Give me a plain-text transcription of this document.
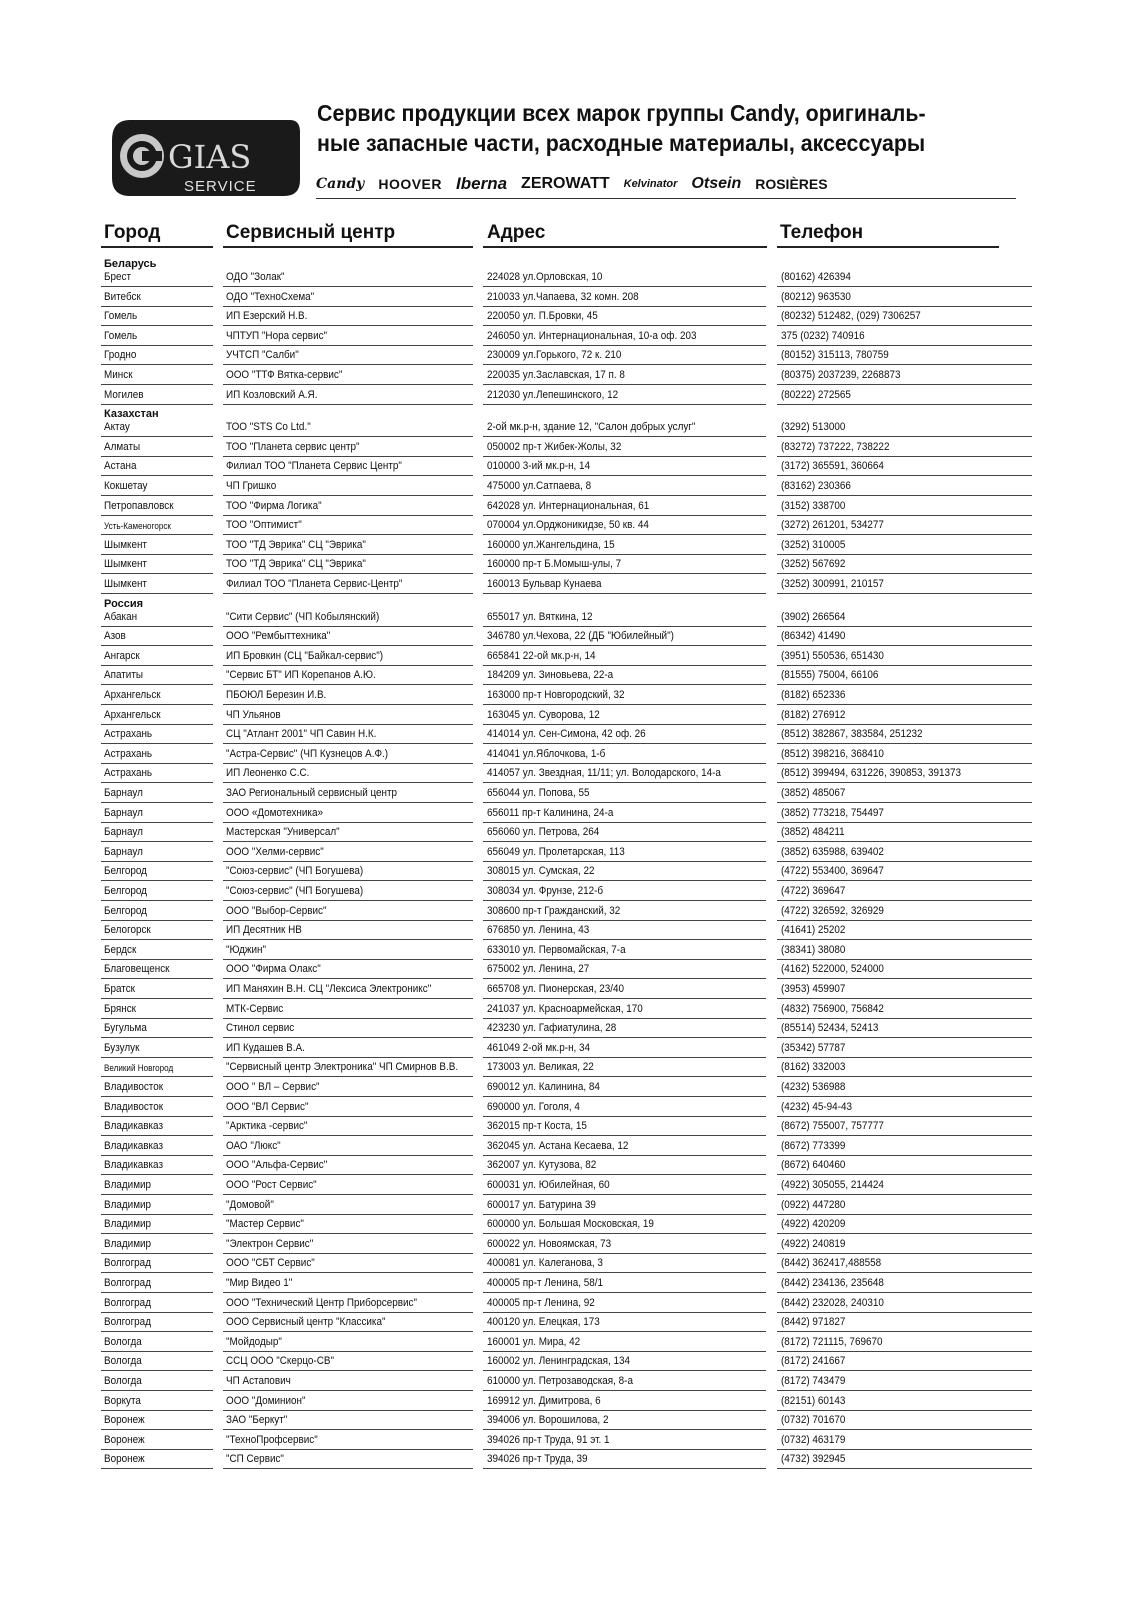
GIAS
SERVICE
Сервис продукции всех марок группы Candy, оригиналь-
ные запасные части, расходные материалы, аксессуары
Candy HOOVER Iberna ZEROWATT Kelvinator Otsein ROSIÈRES
Город	Сервисный центр	Адрес	Телефон
Беларусь
Брест	ОДО "Золак"	224028 ул.Орловская, 10	(80162) 426394
Витебск	ОДО "ТехноСхема"	210033 ул.Чапаева, 32 комн. 208	(80212) 963530
Гомель	ИП Езерский Н.В.	220050 ул. П.Бровки, 45	(80232) 512482, (029) 7306257
Гомель	ЧПТУП "Нора сервис"	246050 ул. Интернациональная, 10-а оф. 203	375 (0232) 740916
Гродно	УЧТСП "Салби"	230009 ул.Горького, 72 к. 210	(80152) 315113, 780759
Минск	ООО "ТТФ Вятка-сервис"	220035 ул.Заславская, 17 п. 8	(80375) 2037239, 2268873
Могилев	ИП Козловский А.Я.	212030 ул.Лепешинского, 12	(80222) 272565
Казахстан
Актау	ТОО "STS Co Ltd."	2-ой мк.р-н, здание 12, "Салон добрых услуг"	(3292) 513000
Алматы	ТОО "Планета сервис центр"	050002 пр-т Жибек-Жолы, 32	(83272) 737222, 738222
Астана	Филиал ТОО "Планета Сервис Центр"	010000 3-ий мк.р-н, 14	(3172) 365591, 360664
Кокшетау	ЧП Гришко	475000 ул.Сатпаева, 8	(83162) 230366
Петропавловск	ТОО "Фирма Логика"	642028 ул. Интернациональная, 61	(3152) 338700
Усть-Каменогорск	ТОО "Оптимист"	070004 ул.Орджоникидзе, 50 кв. 44	(3272) 261201, 534277
Шымкент	ТОО "ТД Эврика" СЦ "Эврика"	160000 ул.Жангельдина, 15	(3252) 310005
Шымкент	ТОО "ТД Эврика" СЦ "Эврика"	160000 пр-т Б.Момыш-улы, 7	(3252) 567692
Шымкент	Филиал ТОО "Планета Сервис-Центр"	160013 Бульвар Кунаева	(3252) 300991, 210157
Россия
Абакан	"Сити Сервис" (ЧП Кобылянский)	655017 ул. Вяткина, 12	(3902) 266564
Азов	ООО "Рембыттехника"	346780 ул.Чехова, 22 (ДБ "Юбилейный")	(86342) 41490
Ангарск	ИП Бровкин (СЦ "Байкал-сервис")	665841 22-ой мк.р-н, 14	(3951) 550536, 651430
Апатиты	"Сервис БТ" ИП Корепанов А.Ю.	184209 ул. Зиновьева, 22-а	(81555) 75004, 66106
Архангельск	ПБОЮЛ Березин И.В.	163000 пр-т Новгородский, 32	(8182) 652336
Архангельск	ЧП Ульянов	163045 ул. Суворова, 12	(8182) 276912
Астрахань	СЦ "Атлант 2001" ЧП Савин Н.К.	414014 ул. Сен-Симона, 42 оф. 26	(8512) 382867, 383584, 251232
Астрахань	"Астра-Сервис" (ЧП Кузнецов А.Ф.)	414041 ул.Яблочкова, 1-б	(8512) 398216, 368410
Астрахань	ИП Леоненко С.С.	414057 ул. Звездная, 11/11; ул. Володарского, 14-а	(8512) 399494, 631226, 390853, 391373
Барнаул	ЗАО Региональный сервисный центр	656044 ул. Попова, 55	(3852) 485067
Барнаул	ООО «Домотехника»	656011 пр-т Калинина, 24-а	(3852) 773218, 754497
Барнаул	Мастерская "Универсал"	656060 ул. Петрова, 264	(3852) 484211
Барнаул	ООО "Хелми-сервис"	656049 ул. Пролетарская, 113	(3852) 635988, 639402
Белгород	"Союз-сервис" (ЧП Богушева)	308015 ул. Сумская, 22	(4722) 553400, 369647
Белгород	"Союз-сервис" (ЧП Богушева)	308034 ул. Фрунзе, 212-б	(4722) 369647
Белгород	ООО "Выбор-Сервис"	308600 пр-т Гражданский, 32	(4722) 326592, 326929
Белогорск	ИП Десятник НВ	676850 ул. Ленина, 43	(41641) 25202
Бердск	"Юджин"	633010 ул. Первомайская, 7-а	(38341) 38080
Благовещенск	ООО "Фирма Олакс"	675002 ул. Ленина, 27	(4162) 522000, 524000
Братск	ИП Маняхин В.Н. СЦ "Лексиса Электроникс"	665708 ул. Пионерская, 23/40	(3953) 459907
Брянск	МТК-Сервис	241037 ул. Красноармейская, 170	(4832) 756900, 756842
Бугульма	Стинол сервис	423230 ул. Гафиатулина, 28	(85514) 52434, 52413
Бузулук	ИП Кудашев В.А.	461049 2-ой мк.р-н, 34	(35342) 57787
Великий Новгород	"Сервисный центр Электроника" ЧП Смирнов В.В.	173003 ул. Великая, 22	(8162) 332003
Владивосток	ООО " ВЛ – Сервис"	690012 ул. Калинина, 84	(4232) 536988
Владивосток	ООО "ВЛ Сервис"	690000 ул. Гоголя, 4	(4232) 45-94-43
Владикавказ	"Арктика -сервис"	362015 пр-т Коста, 15	(8672) 755007, 757777
Владикавказ	ОАО "Люкс"	362045 ул. Астана Кесаева, 12	(8672) 773399
Владикавказ	ООО "Альфа-Сервис"	362007 ул. Кутузова, 82	(8672) 640460
Владимир	ООО "Рост Сервис"	600031 ул. Юбилейная, 60	(4922) 305055, 214424
Владимир	"Домовой"	600017 ул. Батурина 39	(0922) 447280
Владимир	"Мастер Сервис"	600000 ул. Большая Московская, 19	(4922) 420209
Владимир	"Электрон Сервис"	600022 ул. Новоямская, 73	(4922) 240819
Волгоград	ООО "СБТ Сервис"	400081 ул. Калеганова, 3	(8442) 362417,488558
Волгоград	"Мир Видео 1"	400005 пр-т Ленина, 58/1	(8442) 234136, 235648
Волгоград	ООО "Технический Центр Приборсервис"	400005 пр-т Ленина, 92	(8442) 232028, 240310
Волгоград	ООО Сервисный центр "Классика"	400120 ул. Елецкая, 173	(8442) 971827
Вологда	"Мойдодыр"	160001 ул. Мира, 42	(8172) 721115, 769670
Вологда	ССЦ ООО "Скерцо-СВ"	160002 ул. Ленинградская, 134	(8172) 241667
Вологда	ЧП Астапович	610000 ул. Петрозаводская, 8-а	(8172) 743479
Воркута	ООО "Доминион"	169912 ул. Димитрова, 6	(82151) 60143
Воронеж	ЗАО "Беркут"	394006 ул. Ворошилова, 2	(0732) 701670
Воронеж	"ТехноПрофсервис"	394026 пр-т Труда, 91 эт. 1	(0732) 463179
Воронеж	"СП Сервис"	394026 пр-т Труда, 39	(4732) 392945
